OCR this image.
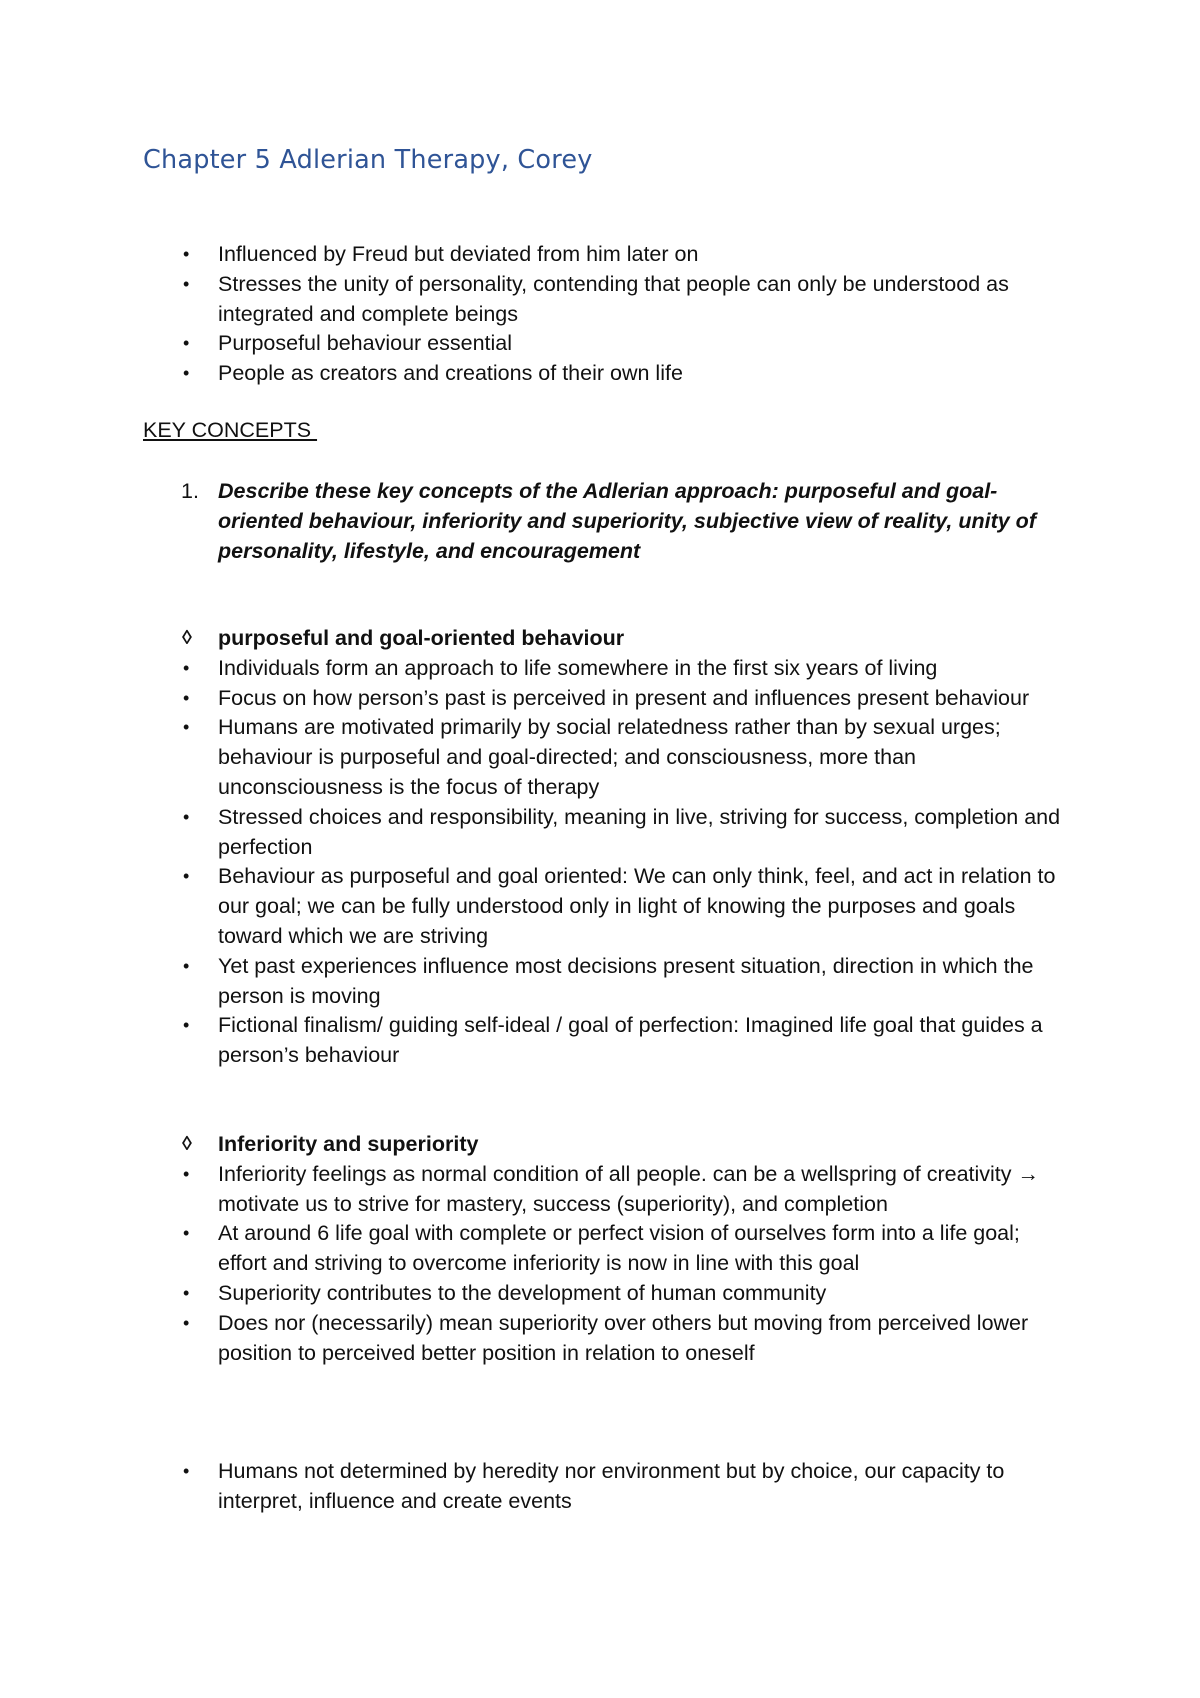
Chapter 5 Adlerian Therapy, Corey
•	Influenced by Freud but deviated from him later on
•	Stresses the unity of personality, contending that people can only be understood as integrated and complete beings
•	Purposeful behaviour essential
•	People as creators and creations of their own life
KEY CONCEPTS
1. Describe these key concepts of the Adlerian approach: purposeful and goal-oriented behaviour, inferiority and superiority, subjective view of reality, unity of personality, lifestyle, and encouragement
◊ purposeful and goal-oriented behaviour
•	Individuals form an approach to life somewhere in the first six years of living
•	Focus on how person’s past is perceived in present and influences present behaviour
•	Humans are motivated primarily by social relatedness rather than by sexual urges; behaviour is purposeful and goal-directed; and consciousness, more than unconsciousness is the focus of therapy
•	Stressed choices and responsibility, meaning in live, striving for success, completion and perfection
•	Behaviour as purposeful and goal oriented: We can only think, feel, and act in relation to our goal; we can be fully understood only in light of knowing the purposes and goals toward which we are striving
•	Yet past experiences influence most decisions present situation, direction in which the person is moving
•	Fictional finalism/ guiding self-ideal / goal of perfection: Imagined life goal that guides a person’s behaviour
◊ Inferiority and superiority
•	Inferiority feelings as normal condition of all people. can be a wellspring of creativity → motivate us to strive for mastery, success (superiority), and completion
•	At around 6 life goal with complete or perfect vision of ourselves form into a life goal; effort and striving to overcome inferiority is now in line with this goal
•	Superiority contributes to the development of human community
•	Does nor (necessarily) mean superiority over others but moving from perceived lower position to perceived better position in relation to oneself
•	Humans not determined by heredity nor environment but by choice, our capacity to interpret, influence and create events
